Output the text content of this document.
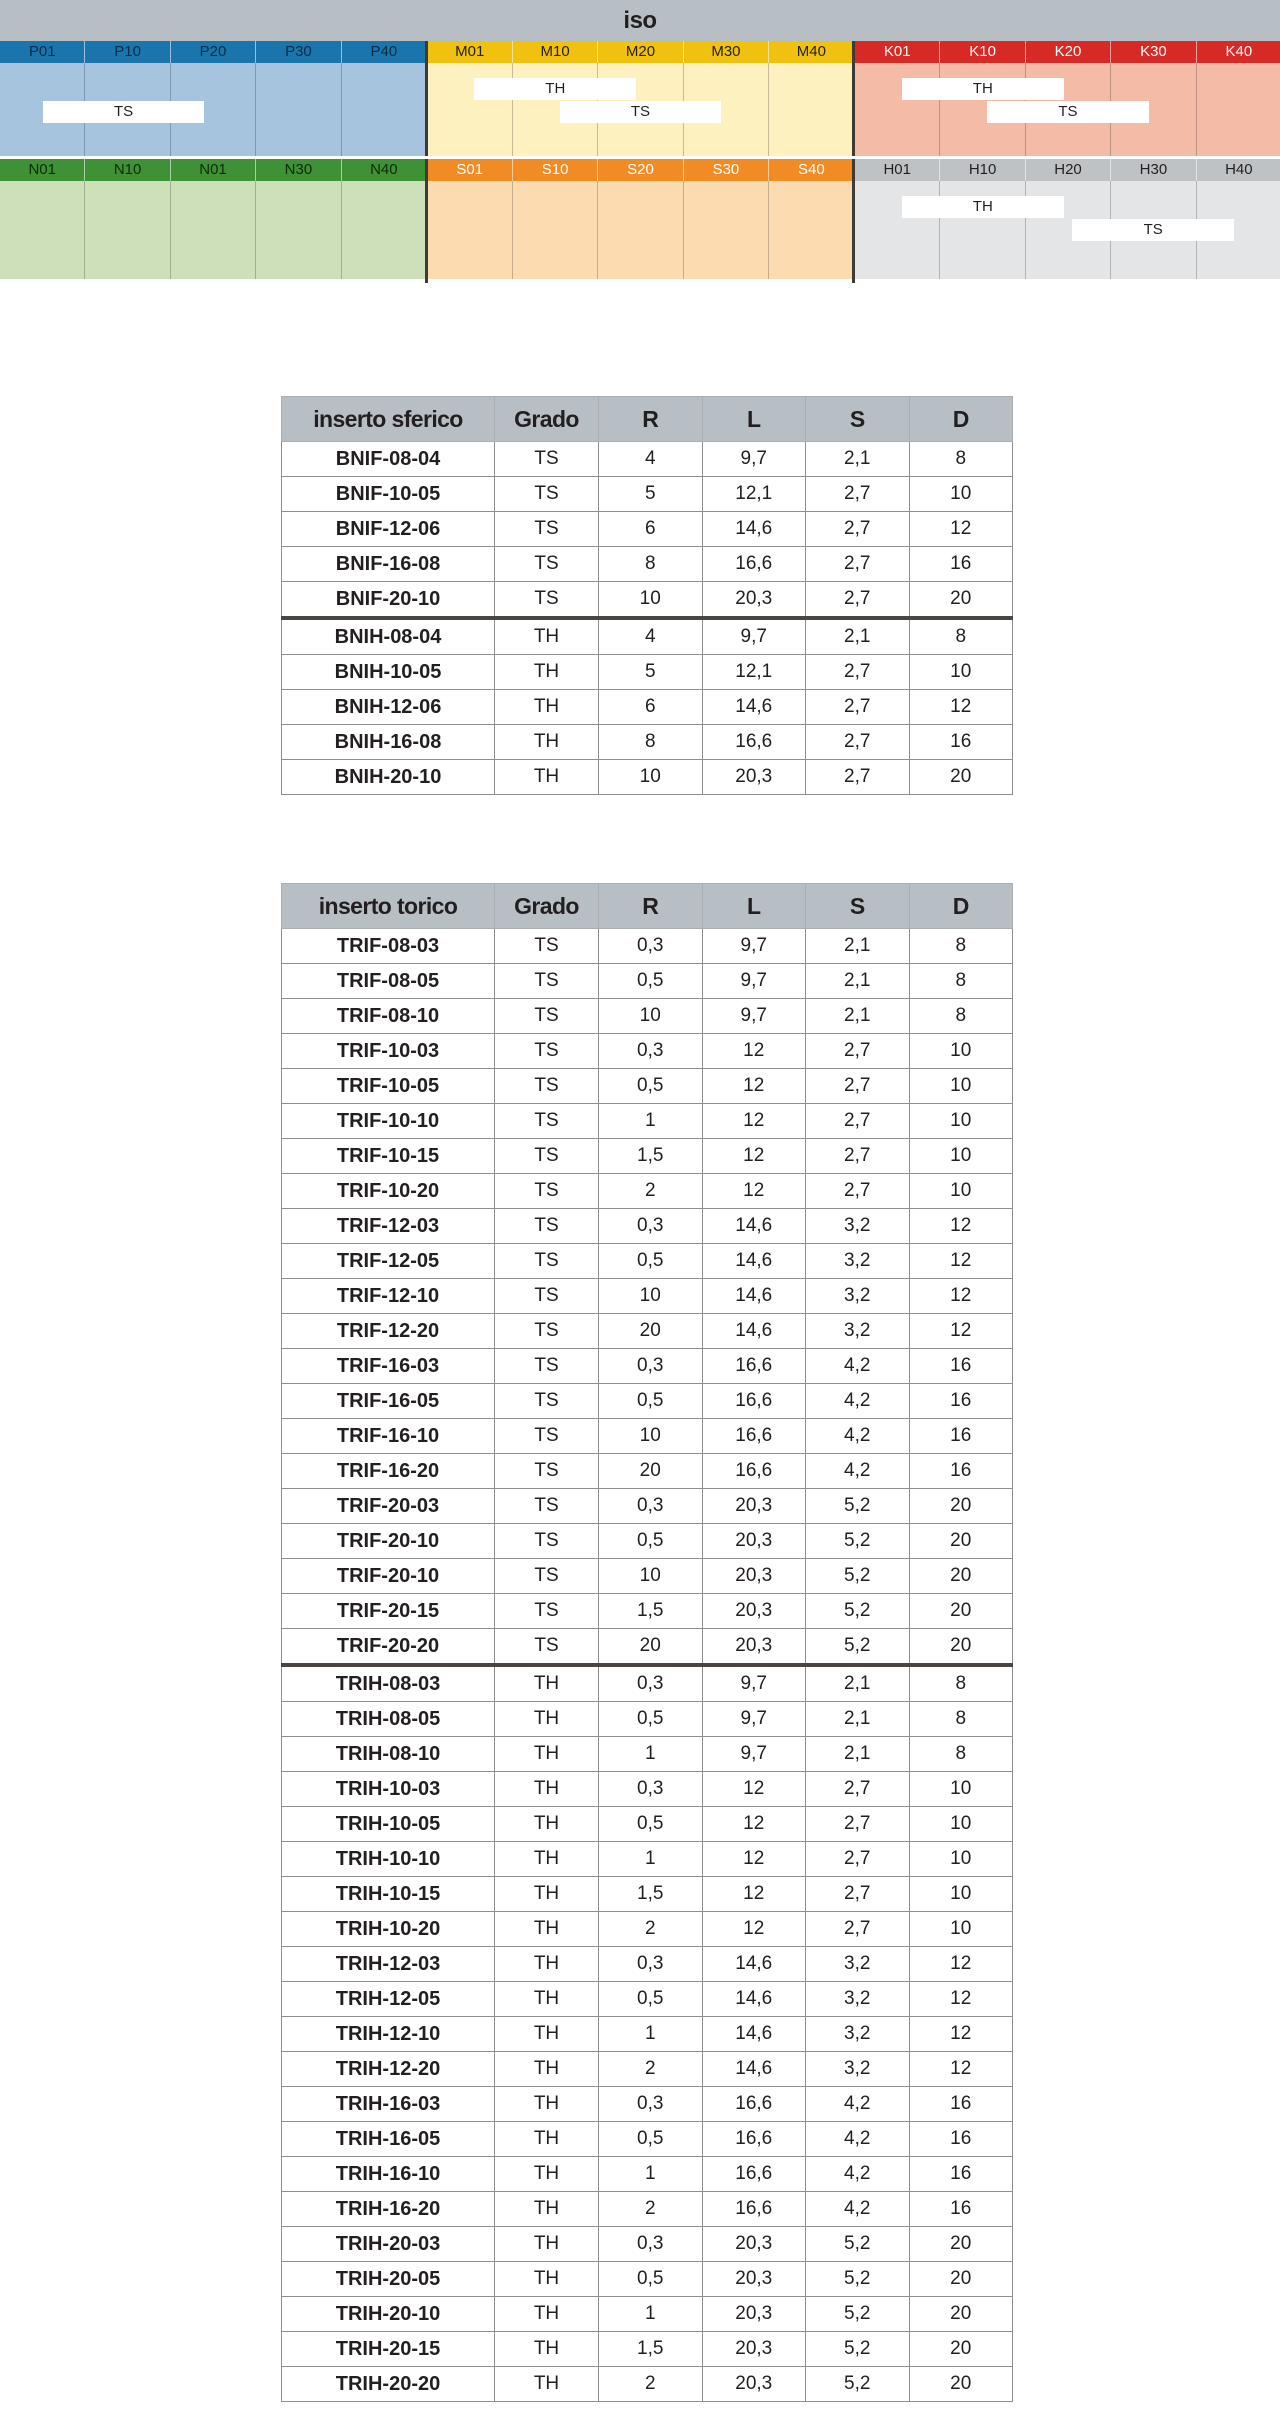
iso
P01	P10	P20	P30	P40
TS
M01	M10	M20	M30	M40
TH
TS
K01	K10	K20	K30	K40
TH
TS
N01	N10	N01	N30	N40	S01	S10	S20	S30	S40	H01	H10	H20	H30	H40
TH
TS
inserto sferico	Grado	R	L	S	D
BNIF-08-04	TS	4	9,7	2,1	8
BNIF-10-05	TS	5	12,1	2,7	10
BNIF-12-06	TS	6	14,6	2,7	12
BNIF-16-08	TS	8	16,6	2,7	16
BNIF-20-10	TS	10	20,3	2,7	20
BNIH-08-04	TH	4	9,7	2,1	8
BNIH-10-05	TH	5	12,1	2,7	10
BNIH-12-06	TH	6	14,6	2,7	12
BNIH-16-08	TH	8	16,6	2,7	16
BNIH-20-10	TH	10	20,3	2,7	20
inserto torico	Grado	R	L	S	D
TRIF-08-03	TS	0,3	9,7	2,1	8
TRIF-08-05	TS	0,5	9,7	2,1	8
TRIF-08-10	TS	10	9,7	2,1	8
TRIF-10-03	TS	0,3	12	2,7	10
TRIF-10-05	TS	0,5	12	2,7	10
TRIF-10-10	TS	1	12	2,7	10
TRIF-10-15	TS	1,5	12	2,7	10
TRIF-10-20	TS	2	12	2,7	10
TRIF-12-03	TS	0,3	14,6	3,2	12
TRIF-12-05	TS	0,5	14,6	3,2	12
TRIF-12-10	TS	10	14,6	3,2	12
TRIF-12-20	TS	20	14,6	3,2	12
TRIF-16-03	TS	0,3	16,6	4,2	16
TRIF-16-05	TS	0,5	16,6	4,2	16
TRIF-16-10	TS	10	16,6	4,2	16
TRIF-16-20	TS	20	16,6	4,2	16
TRIF-20-03	TS	0,3	20,3	5,2	20
TRIF-20-10	TS	0,5	20,3	5,2	20
TRIF-20-10	TS	10	20,3	5,2	20
TRIF-20-15	TS	1,5	20,3	5,2	20
TRIF-20-20	TS	20	20,3	5,2	20
TRIH-08-03	TH	0,3	9,7	2,1	8
TRIH-08-05	TH	0,5	9,7	2,1	8
TRIH-08-10	TH	1	9,7	2,1	8
TRIH-10-03	TH	0,3	12	2,7	10
TRIH-10-05	TH	0,5	12	2,7	10
TRIH-10-10	TH	1	12	2,7	10
TRIH-10-15	TH	1,5	12	2,7	10
TRIH-10-20	TH	2	12	2,7	10
TRIH-12-03	TH	0,3	14,6	3,2	12
TRIH-12-05	TH	0,5	14,6	3,2	12
TRIH-12-10	TH	1	14,6	3,2	12
TRIH-12-20	TH	2	14,6	3,2	12
TRIH-16-03	TH	0,3	16,6	4,2	16
TRIH-16-05	TH	0,5	16,6	4,2	16
TRIH-16-10	TH	1	16,6	4,2	16
TRIH-16-20	TH	2	16,6	4,2	16
TRIH-20-03	TH	0,3	20,3	5,2	20
TRIH-20-05	TH	0,5	20,3	5,2	20
TRIH-20-10	TH	1	20,3	5,2	20
TRIH-20-15	TH	1,5	20,3	5,2	20
TRIH-20-20	TH	2	20,3	5,2	20
